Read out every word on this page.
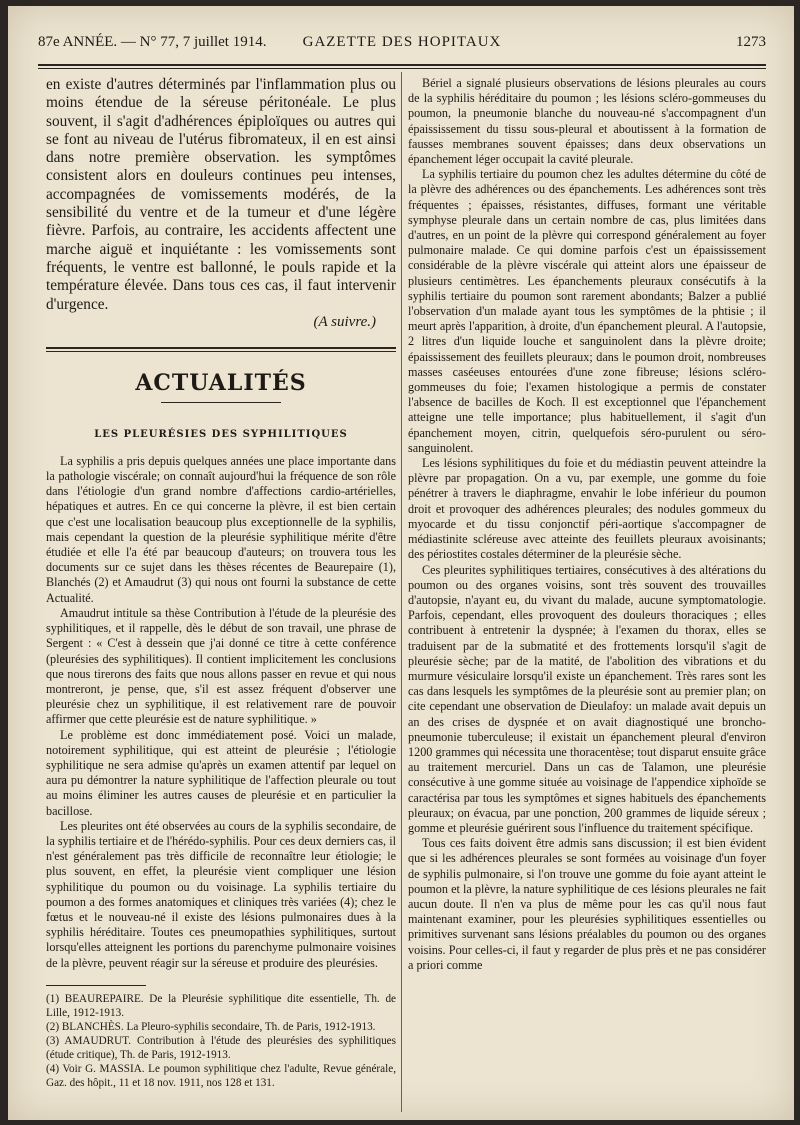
87e ANNÉE. — N° 77, 7 juillet 1914.	GAZETTE DES HOPITAUX	1273

en existe d'autres déterminés par l'inflammation plus ou moins étendue de la séreuse péritonéale. Le plus souvent, il s'agit d'adhérences épiploïques ou autres qui se font au niveau de l'utérus fibromateux, il en est ainsi dans notre première observation. les symptômes consistent alors en douleurs continues peu intenses, accompagnées de vomissements modérés, de la sensibilité du ventre et de la tumeur et d'une légère fièvre. Parfois, au contraire, les accidents affectent une marche aiguë et inquiétante : les vomissements sont fréquents, le ventre est ballonné, le pouls rapide et la température élevée. Dans tous ces cas, il faut intervenir d'urgence.

(A suivre.)

ACTUALITÉS
LES PLEURÉSIES DES SYPHILITIQUES

La syphilis a pris depuis quelques années une place importante dans la pathologie viscérale; on connaît aujourd'hui la fréquence de son rôle dans l'étiologie d'un grand nombre d'affections cardio-artérielles, hépatiques et autres. En ce qui concerne la plèvre, il est bien certain que c'est une localisation beaucoup plus exceptionnelle de la syphilis, mais cependant la question de la pleurésie syphilitique mérite d'être étudiée et elle l'a été par beaucoup d'auteurs; on trouvera tous les documents sur ce sujet dans les thèses récentes de Beaurepaire (1), Blanchés (2) et Amaudrut (3) qui nous ont fourni la substance de cette Actualité.

Amaudrut intitule sa thèse Contribution à l'étude de la pleurésie des syphilitiques, et il rappelle, dès le début de son travail, une phrase de Sergent : « C'est à dessein que j'ai donné ce titre à cette conférence (pleurésies des syphilitiques). Il contient implicitement les conclusions que nous tirerons des faits que nous allons passer en revue et qui nous montreront, je pense, que, s'il est assez fréquent d'observer une pleurésie chez un syphilitique, il est relativement rare de pouvoir affirmer que cette pleurésie est de nature syphilitique. »

Le problème est donc immédiatement posé. Voici un malade, notoirement syphilitique, qui est atteint de pleurésie ; l'étiologie syphilitique ne sera admise qu'après un examen attentif par lequel on aura pu démontrer la nature syphilitique de l'affection pleurale ou tout au moins éliminer les autres causes de pleurésie et en particulier la bacillose.

Les pleurites ont été observées au cours de la syphilis secondaire, de la syphilis tertiaire et de l'hérédo-syphilis. Pour ces deux derniers cas, il n'est généralement pas très difficile de reconnaître leur étiologie; le plus souvent, en effet, la pleurésie vient compliquer une lésion syphilitique du poumon ou du voisinage. La syphilis tertiaire du poumon a des formes anatomiques et cliniques très variées (4); chez le fœtus et le nouveau-né il existe des lésions pulmonaires dues à la syphilis héréditaire. Toutes ces pneumopathies syphilitiques, surtout lorsqu'elles atteignent les portions du parenchyme pulmonaire voisines de la plèvre, peuvent réagir sur la séreuse et produire des pleurésies.

(1) BEAUREPAIRE. De la Pleurésie syphilitique dite essentielle, Th. de Lille, 1912-1913.

(2) BLANCHÈS. La Pleuro-syphilis secondaire, Th. de Paris, 1912-1913.

(3) AMAUDRUT. Contribution à l'étude des pleurésies des syphilitiques (étude critique), Th. de Paris, 1912-1913.

(4) Voir G. MASSIA. Le poumon syphilitique chez l'adulte, Revue générale, Gaz. des hôpit., 11 et 18 nov. 1911, nos 128 et 131.

Bériel a signalé plusieurs observations de lésions pleurales au cours de la syphilis héréditaire du poumon ; les lésions scléro-gommeuses du poumon, la pneumonie blanche du nouveau-né s'accompagnent d'un épaississement du tissu sous-pleural et aboutissent à la formation de fausses membranes souvent épaisses; dans deux observations un épanchement léger occupait la cavité pleurale.

La syphilis tertiaire du poumon chez les adultes détermine du côté de la plèvre des adhérences ou des épanchements. Les adhérences sont très fréquentes ; épaisses, résistantes, diffuses, formant une véritable symphyse pleurale dans un certain nombre de cas, plus limitées dans d'autres, en un point de la plèvre qui correspond généralement au foyer pulmonaire malade. Ce qui domine parfois c'est un épaississement considérable de la plèvre viscérale qui atteint alors une épaisseur de plusieurs centimètres. Les épanchements pleuraux consécutifs à la syphilis tertiaire du poumon sont rarement abondants; Balzer a publié l'observation d'un malade ayant tous les symptômes de la phtisie ; il meurt après l'apparition, à droite, d'un épanchement pleural. A l'autopsie, 2 litres d'un liquide louche et sanguinolent dans la plèvre droite; épaississement des feuillets pleuraux; dans le poumon droit, nombreuses masses caséeuses entourées d'une zone fibreuse; lésions scléro-gommeuses du foie; l'examen histologique a permis de constater l'absence de bacilles de Koch. Il est exceptionnel que l'épanchement atteigne une telle importance; plus habituellement, il s'agit d'un épanchement moyen, citrin, quelquefois séro-purulent ou séro-sanguinolent.

Les lésions syphilitiques du foie et du médiastin peuvent atteindre la plèvre par propagation. On a vu, par exemple, une gomme du foie pénétrer à travers le diaphragme, envahir le lobe inférieur du poumon droit et provoquer des adhérences pleurales; des nodules gommeux du myocarde et du tissu conjonctif péri-aortique s'accompagner de médiastinite scléreuse avec atteinte des feuillets pleuraux avoisinants; des périostites costales déterminer de la pleurésie sèche.

Ces pleurites syphilitiques tertiaires, consécutives à des altérations du poumon ou des organes voisins, sont très souvent des trouvailles d'autopsie, n'ayant eu, du vivant du malade, aucune symptomatologie. Parfois, cependant, elles provoquent des douleurs thoraciques ; elles contribuent à entretenir la dyspnée; à l'examen du thorax, elles se traduisent par de la submatité et des frottements lorsqu'il s'agit de pleurésie sèche; par de la matité, de l'abolition des vibrations et du murmure vésiculaire lorsqu'il existe un épanchement. Très rares sont les cas dans lesquels les symptômes de la pleurésie sont au premier plan; on cite cependant une observation de Dieulafoy: un malade avait depuis un an des crises de dyspnée et on avait diagnostiqué une broncho-pneumonie tuberculeuse; il existait un épanchement pleural d'environ 1200 grammes qui nécessita une thoracentèse; tout disparut ensuite grâce au traitement mercuriel. Dans un cas de Talamon, une pleurésie consécutive à une gomme située au voisinage de l'appendice xiphoïde se caractérisa par tous les symptômes et signes habituels des épanchements pleuraux; on évacua, par une ponction, 200 grammes de liquide séreux ; gomme et pleurésie guérirent sous l'influence du traitement spécifique.

Tous ces faits doivent être admis sans discussion; il est bien évident que si les adhérences pleurales se sont formées au voisinage d'un foyer de syphilis pulmonaire, si l'on trouve une gomme du foie ayant atteint le poumon et la plèvre, la nature syphilitique de ces lésions pleurales ne fait aucun doute. Il n'en va plus de même pour les cas qu'il nous faut maintenant examiner, pour les pleurésies syphilitiques essentielles ou primitives survenant sans lésions préalables du poumon ou des organes voisins. Pour celles-ci, il faut y regarder de plus près et ne pas considérer a priori comme
